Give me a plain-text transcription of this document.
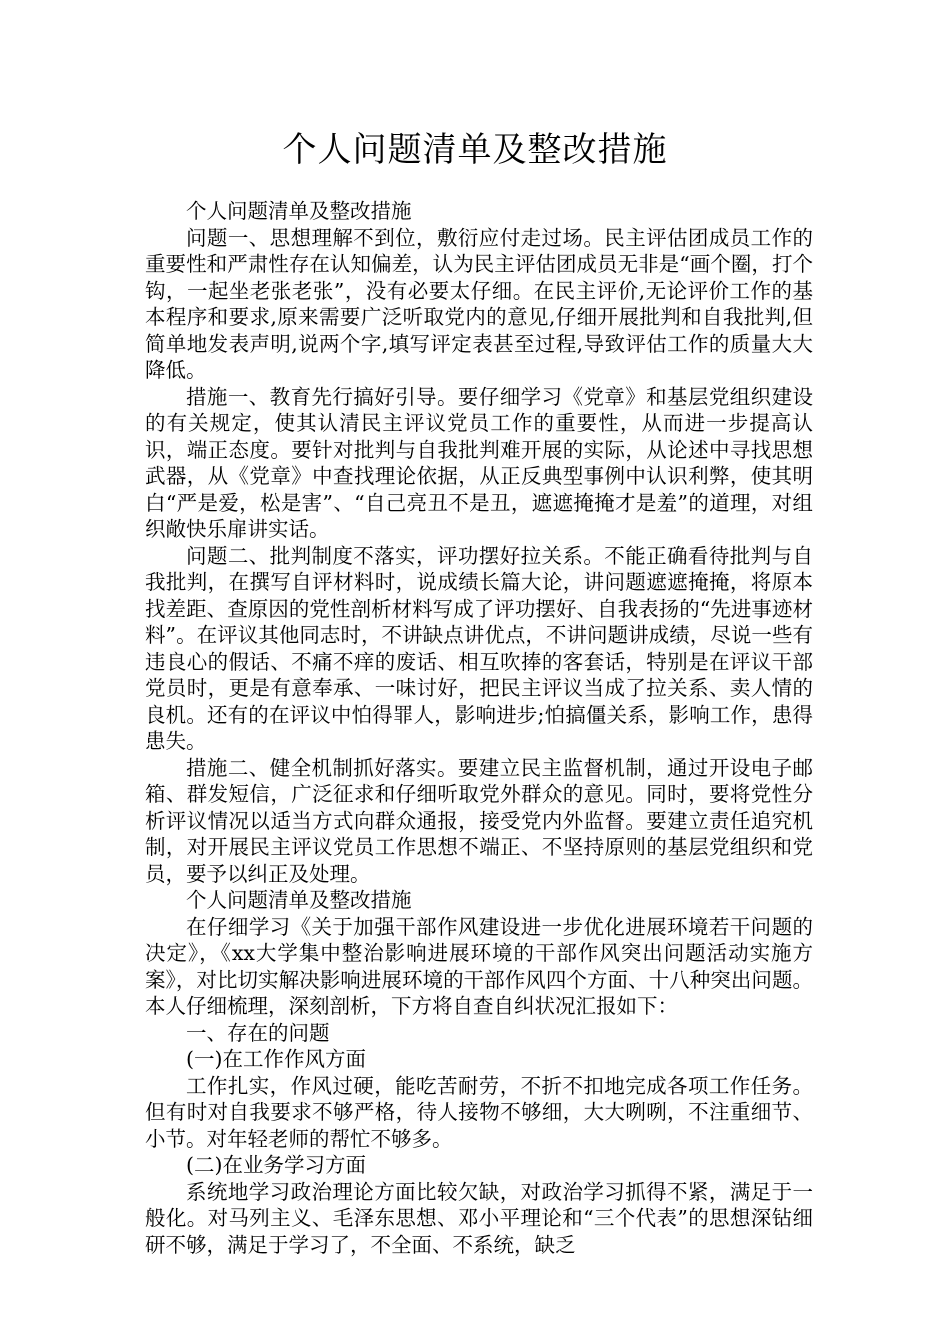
个人问题清单及整改措施

个人问题清单及整改措施

问题一、思想理解不到位，敷衍应付走过场。民主评估团成员工作的重要性和严肃性存在认知偏差，认为民主评估团成员无非是“画个圈，打个钩，一起坐老张老张”，没有必要太仔细。在民主评价,无论评价工作的基本程序和要求,原来需要广泛听取党内的意见,仔细开展批判和自我批判,但简单地发表声明,说两个字,填写评定表甚至过程,导致评估工作的质量大大降低。

措施一、教育先行搞好引导。要仔细学习《党章》和基层党组织建设的有关规定，使其认清民主评议党员工作的重要性，从而进一步提高认识，端正态度。要针对批判与自我批判难开展的实际，从论述中寻找思想武器，从《党章》中查找理论依据，从正反典型事例中认识利弊，使其明白“严是爱，松是害”、“自己亮丑不是丑，遮遮掩掩才是羞”的道理，对组织敞快乐扉讲实话。

问题二、批判制度不落实，评功摆好拉关系。不能正确看待批判与自我批判，在撰写自评材料时，说成绩长篇大论，讲问题遮遮掩掩，将原本找差距、查原因的党性剖析材料写成了评功摆好、自我表扬的“先进事迹材料”。在评议其他同志时，不讲缺点讲优点，不讲问题讲成绩，尽说一些有违良心的假话、不痛不痒的废话、相互吹捧的客套话，特别是在评议干部党员时，更是有意奉承、一味讨好，把民主评议当成了拉关系、卖人情的良机。还有的在评议中怕得罪人，影响进步;怕搞僵关系，影响工作，患得患失。

措施二、健全机制抓好落实。要建立民主监督机制，通过开设电子邮箱、群发短信，广泛征求和仔细听取党外群众的意见。同时，要将党性分析评议情况以适当方式向群众通报，接受党内外监督。要建立责任追究机制，对开展民主评议党员工作思想不端正、不坚持原则的基层党组织和党员，要予以纠正及处理。

个人问题清单及整改措施

在仔细学习《关于加强干部作风建设进一步优化进展环境若干问题的决定》，《xx大学集中整治影响进展环境的干部作风突出问题活动实施方案》，对比切实解决影响进展环境的干部作风四个方面、十八种突出问题。本人仔细梳理，深刻剖析，下方将自查自纠状况汇报如下：

一、存在的问题

(一)在工作作风方面

工作扎实，作风过硬，能吃苦耐劳，不折不扣地完成各项工作任务。但有时对自我要求不够严格，待人接物不够细，大大咧咧，不注重细节、小节。对年轻老师的帮忙不够多。

(二)在业务学习方面

系统地学习政治理论方面比较欠缺，对政治学习抓得不紧，满足于一般化。对马列主义、毛泽东思想、邓小平理论和“三个代表”的思想深钻细研不够，满足于学习了，不全面、不系统，缺乏
